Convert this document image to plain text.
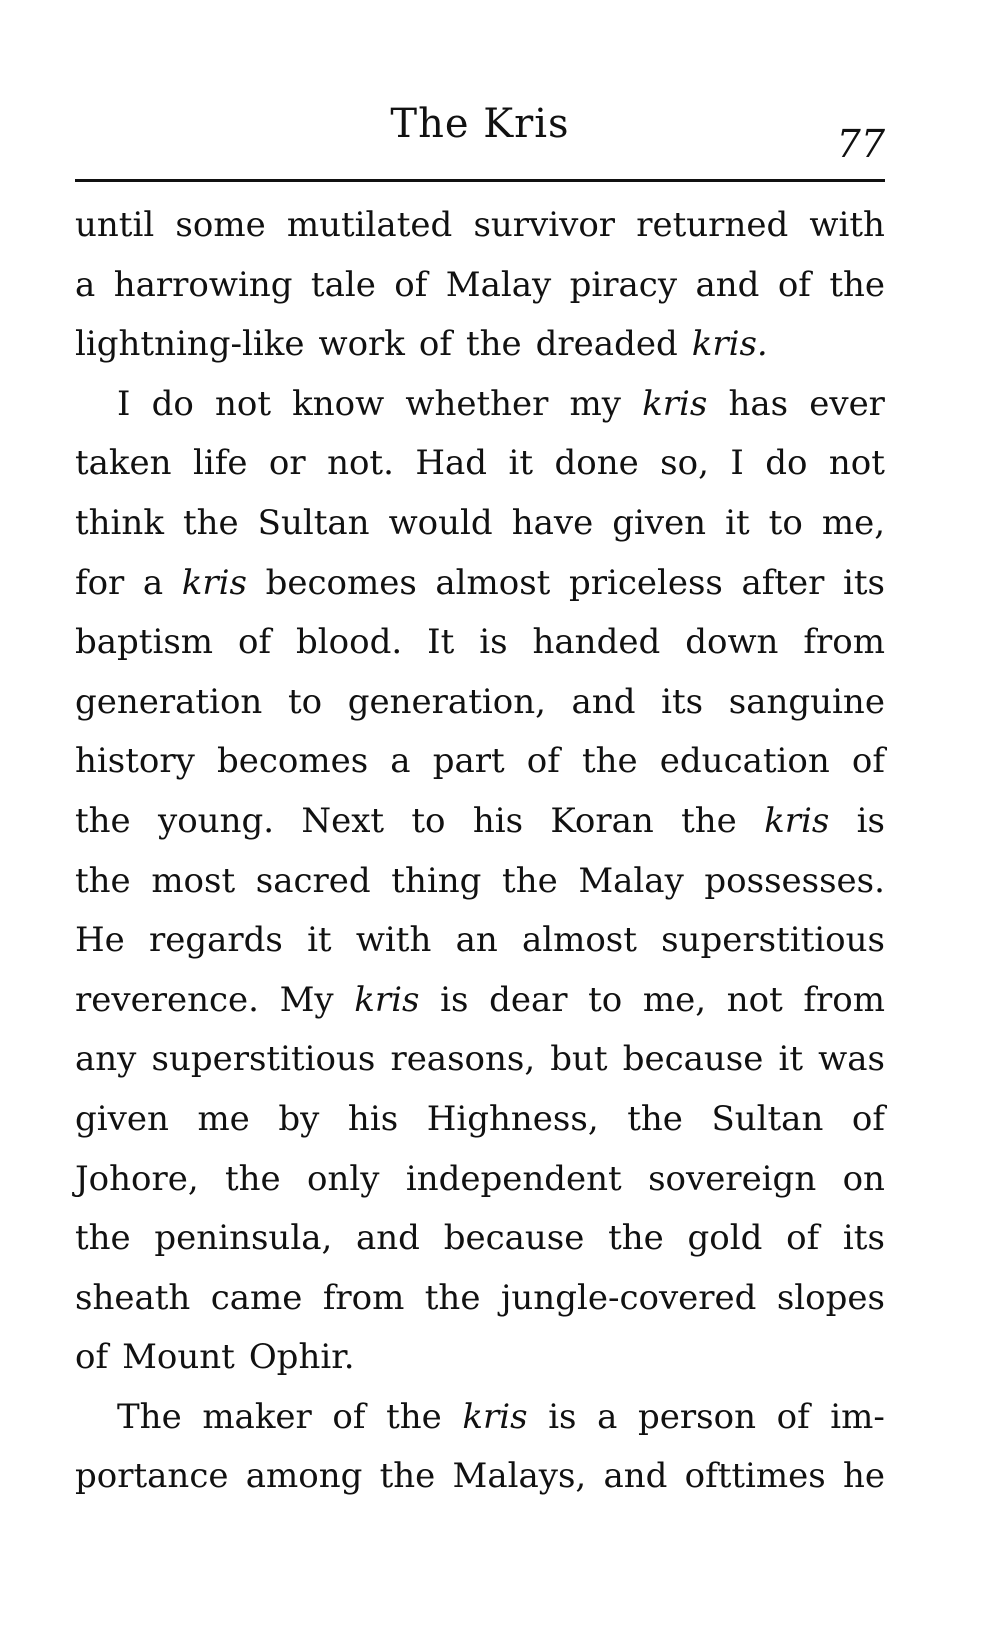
The Kris	77
until some mutilated survivor returned with
a harrowing tale of Malay piracy and of the
lightning-like work of the dreaded kris.
I do not know whether my kris has ever
taken life or not. Had it done so, I do not
think the Sultan would have given it to me,
for a kris becomes almost priceless after its
baptism of blood. It is handed down from
generation to generation, and its sanguine
history becomes a part of the education of
the young. Next to his Koran the kris is
the most sacred thing the Malay possesses.
He regards it with an almost superstitious
reverence. My kris is dear to me, not from
any superstitious reasons, but because it was
given me by his Highness, the Sultan of
Johore, the only independent sovereign on
the peninsula, and because the gold of its
sheath came from the jungle-covered slopes
of Mount Ophir.
The maker of the kris is a person of im-
portance among the Malays, and ofttimes he
